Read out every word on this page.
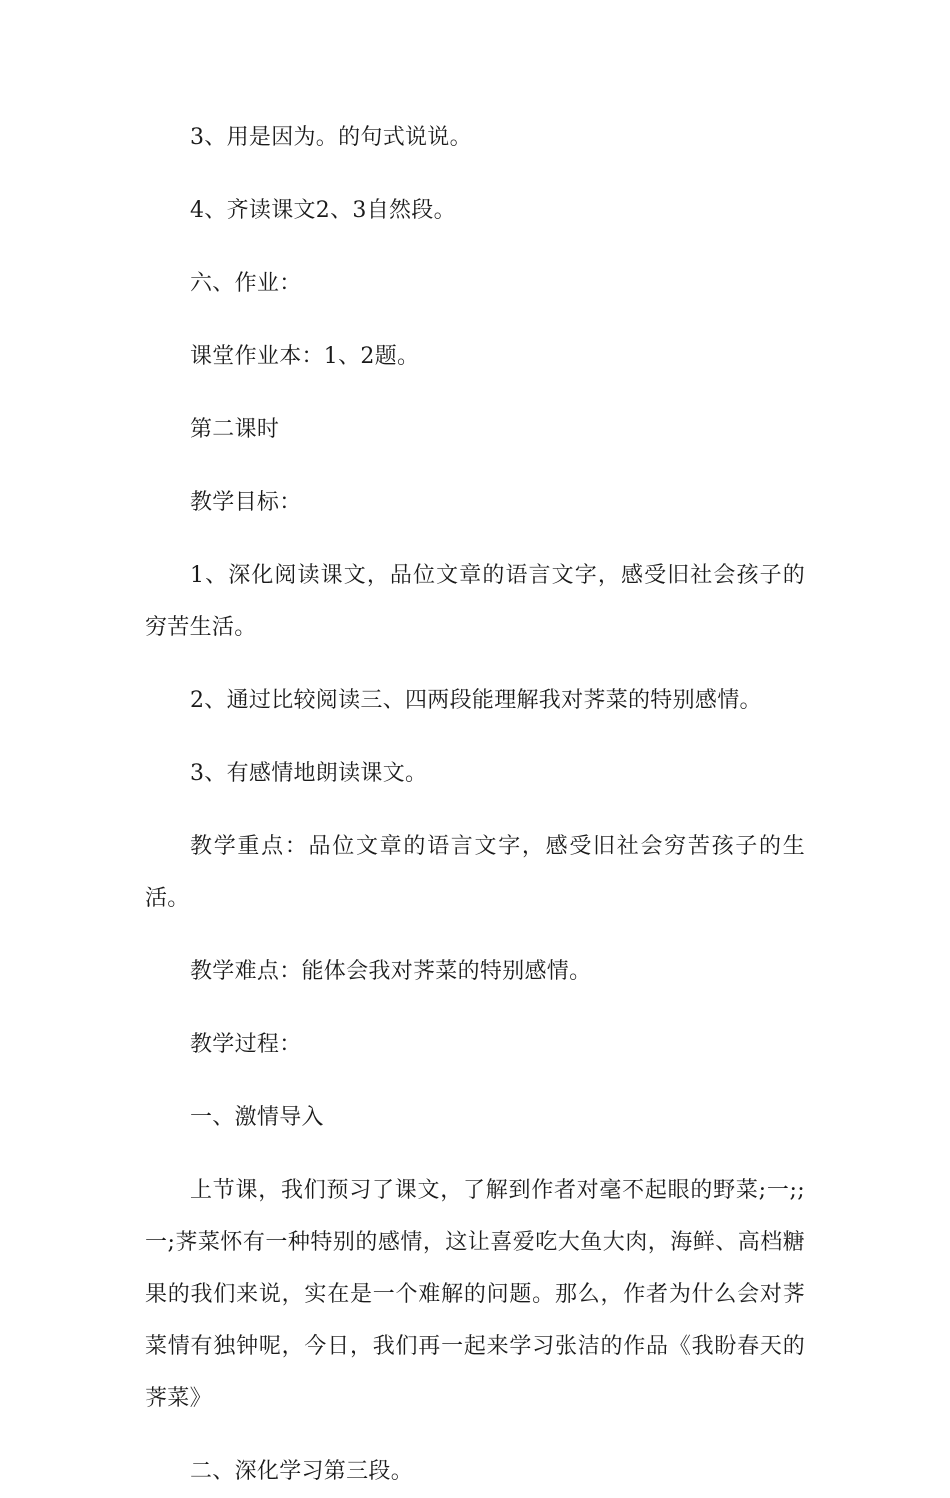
3、用是因为。的句式说说。

4、齐读课文2、3自然段。

六、作业：

课堂作业本：1、2题。

第二课时

教学目标：

1、深化阅读课文，品位文章的语言文字，感受旧社会孩子的穷苦生活。

2、通过比较阅读三、四两段能理解我对荠菜的特别感情。

3、有感情地朗读课文。

教学重点：品位文章的语言文字，感受旧社会穷苦孩子的生活。

教学难点：能体会我对荠菜的特别感情。

教学过程：

一、激情导入

上节课，我们预习了课文，了解到作者对毫不起眼的野菜;一;;一;荠菜怀有一种特别的感情，这让喜爱吃大鱼大肉，海鲜、高档糖果的我们来说，实在是一个难解的问题。那么，作者为什么会对荠菜情有独钟呢，今日，我们再一起来学习张洁的作品《我盼春天的荠菜》

二、深化学习第三段。
